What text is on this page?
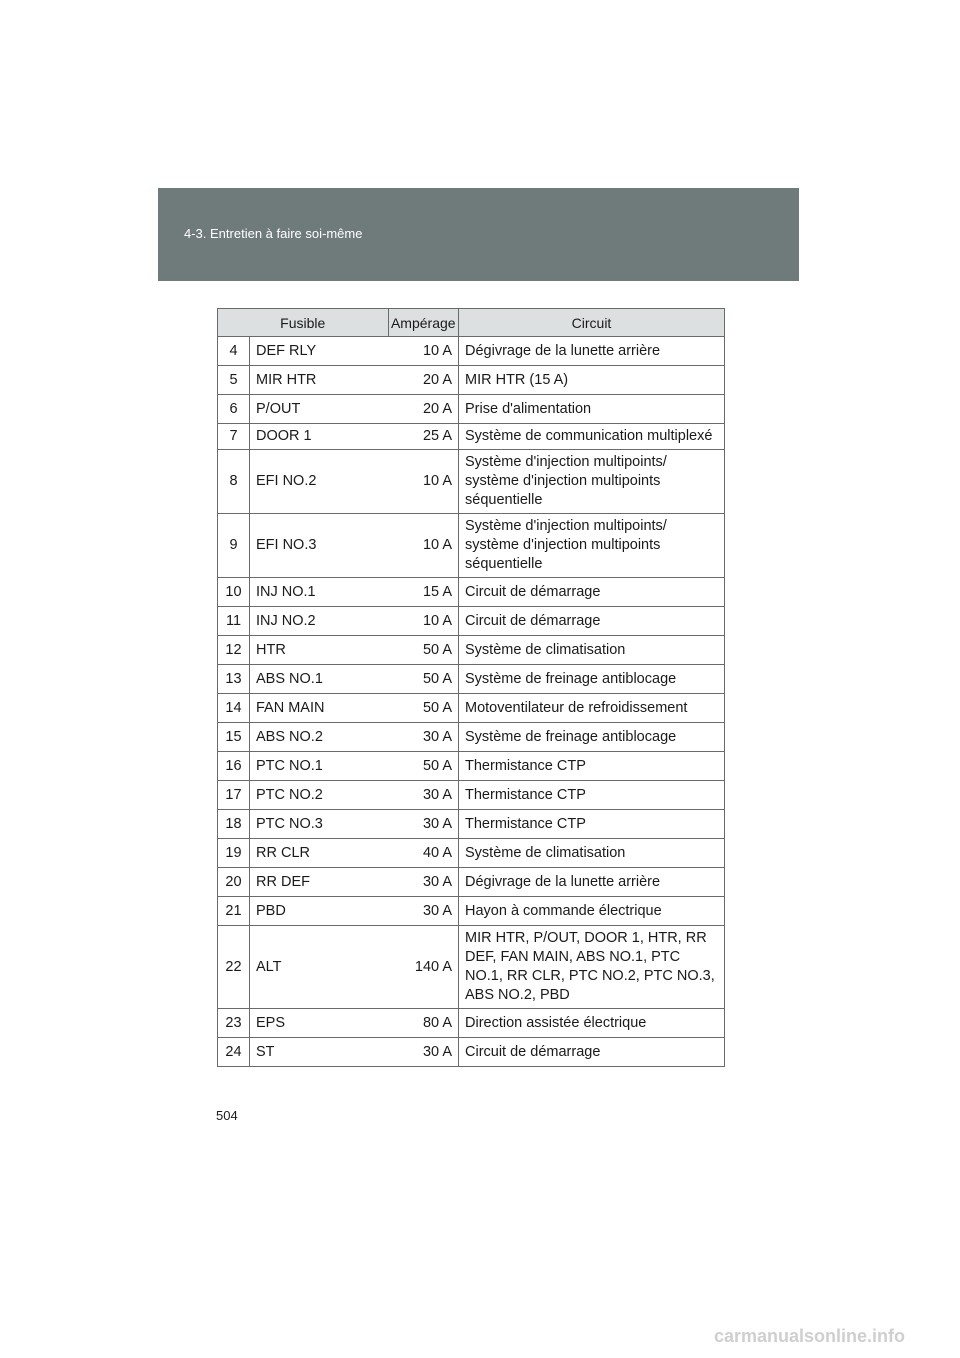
4-3. Entretien à faire soi-même
Fusible		Ampérage	Circuit
4	DEF RLY	10 A	Dégivrage de la lunette arrière
5	MIR HTR	20 A	MIR HTR (15 A)
6	P/OUT	20 A	Prise d'alimentation
7	DOOR 1	25 A	Système de communication multiplexé
8	EFI NO.2	10 A	Système d'injection multipoints/ système d'injection multipoints séquentielle
9	EFI NO.3	10 A	Système d'injection multipoints/ système d'injection multipoints séquentielle
10	INJ NO.1	15 A	Circuit de démarrage
11	INJ NO.2	10 A	Circuit de démarrage
12	HTR	50 A	Système de climatisation
13	ABS NO.1	50 A	Système de freinage antiblocage
14	FAN MAIN	50 A	Motoventilateur de refroidissement
15	ABS NO.2	30 A	Système de freinage antiblocage
16	PTC NO.1	50 A	Thermistance CTP
17	PTC NO.2	30 A	Thermistance CTP
18	PTC NO.3	30 A	Thermistance CTP
19	RR CLR	40 A	Système de climatisation
20	RR DEF	30 A	Dégivrage de la lunette arrière
21	PBD	30 A	Hayon à commande électrique
22	ALT	140 A	MIR HTR, P/OUT, DOOR 1, HTR, RR DEF, FAN MAIN, ABS NO.1, PTC NO.1, RR CLR, PTC NO.2, PTC NO.3, ABS NO.2, PBD
23	EPS	80 A	Direction assistée électrique
24	ST	30 A	Circuit de démarrage
504
carmanualsonline.info
